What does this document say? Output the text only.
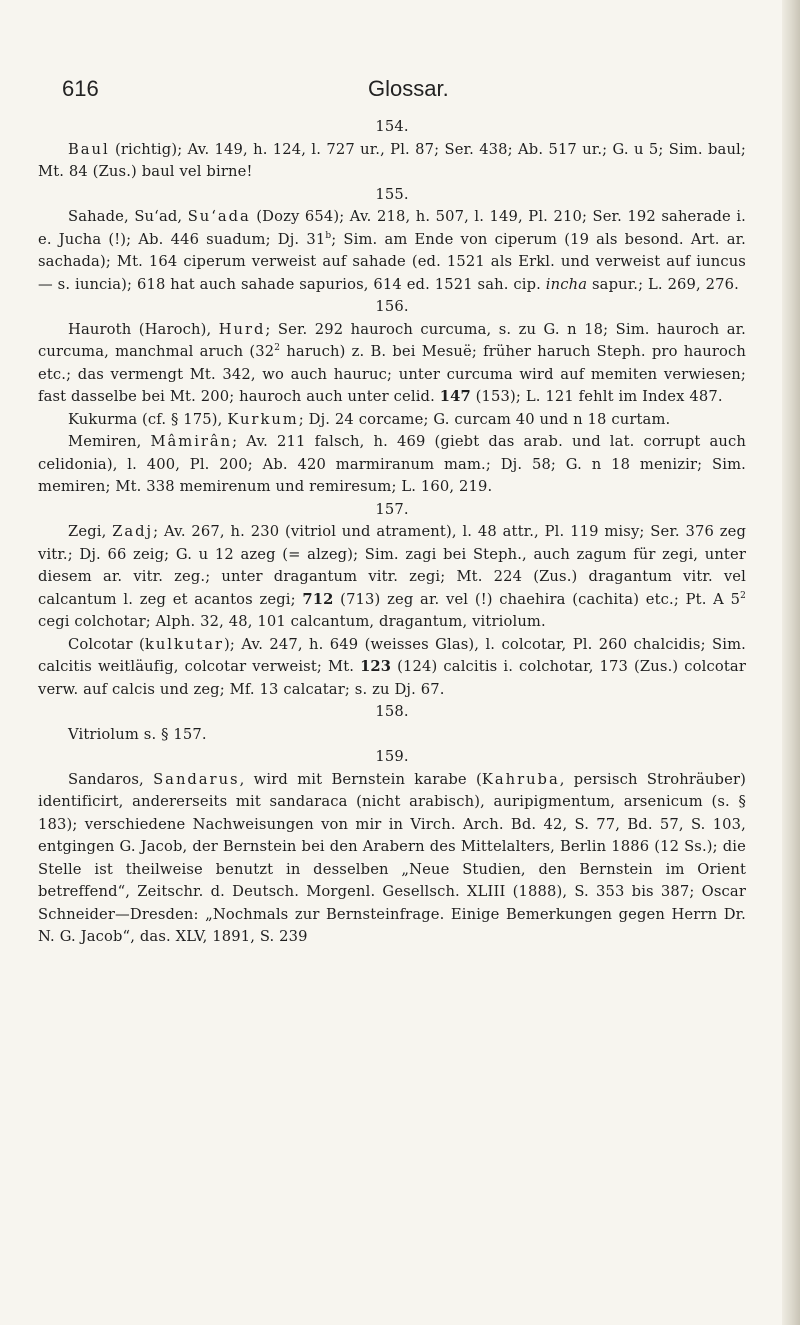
616	Glossar.

154.

Baul (richtig); Av. 149, h. 124, l. 727 ur., Pl. 87; Ser. 438; Ab. 517 ur.; G. u 5; Sim. baul; Mt. 84 (Zus.) baul vel birne!

155.

Sahade, Su‘ad, Su‘ada (Dozy 654); Av. 218, h. 507, l. 149, Pl. 210; Ser. 192 saherade i. e. Jucha (!); Ab. 446 suadum; Dj. 31$^b$; Sim. am Ende von ciperum (19 als besond. Art. ar. sachada); Mt. 164 ciperum verweist auf sahade (ed. 1521 als Erkl. und verweist auf iuncus — s. iuncia); 618 hat auch sahade sapurios, 614 ed. 1521 sah. cip. incha sapur.; L. 269, 276.

156.

Hauroth (Haroch), Hurd; Ser. 292 hauroch curcuma, s. zu G. n 18; Sim. hauroch ar. curcuma, manchmal aruch ($32^2$ haruch) z. B. bei Mesuë; früher haruch Steph. pro hauroch etc.; das vermengt Mt. 342, wo auch hauruc; unter curcuma wird auf memiten verwiesen; fast dasselbe bei Mt. 200; hauroch auch unter celid. 147 (153); L. 121 fehlt im Index 487.

Kukurma (cf. § 175), Kurkum; Dj. 24 corcame; G. curcam 40 und n 18 curtam.

Memiren, Mâmirân; Av. 211 falsch, h. 469 (giebt das arab. und lat. corrupt auch celidonia), l. 400, Pl. 200; Ab. 420 marmiranum mam.; Dj. 58; G. n 18 menizir; Sim. memiren; Mt. 338 memirenum und remiresum; L. 160, 219.

157.

Zegi, Zadj; Av. 267, h. 230 (vitriol und atrament), l. 48 attr., Pl. 119 misy; Ser. 376 zeg vitr.; Dj. 66 zeig; G. u 12 azeg (= alzeg); Sim. zagi bei Steph., auch zagum für zegi, unter diesem ar. vitr. zeg.; unter dragantum vitr. zegi; Mt. 224 (Zus.) dragantum vitr. vel calcantum l. zeg et acantos zegi; 712 (713) zeg ar. vel (!) chaehira (cachita) etc.; Pt. A $5^2$ cegi colchotar; Alph. 32, 48, 101 calcantum, dragantum, vitriolum.

Colcotar (kulkutar); Av. 247, h. 649 (weisses Glas), l. colcotar, Pl. 260 chalcidis; Sim. calcitis weitläufig, colcotar verweist; Mt. 123 (124) calcitis i. colchotar, 173 (Zus.) colcotar verw. auf calcis und zeg; Mf. 13 calcatar; s. zu Dj. 67.

158.

Vitriolum s. § 157.

159.

Sandaros, Sandarus, wird mit Bernstein karabe (Kahruba, persisch Strohräuber) identificirt, andererseits mit sandaraca (nicht arabisch), auripigmentum, arsenicum (s. § 183); verschiedene Nachweisungen von mir in Virch. Arch. Bd. 42, S. 77, Bd. 57, S. 103, entgingen G. Jacob, der Bernstein bei den Arabern des Mittelalters, Berlin 1886 (12 Ss.); die Stelle ist theilweise benutzt in desselben „Neue Studien, den Bernstein im Orient betreffend“, Zeitschr. d. Deutsch. Morgenl. Gesellsch. XLIII (1888), S. 353 bis 387; Oscar Schneider—Dresden: „Nochmals zur Bernsteinfrage. Einige Bemerkungen gegen Herrn Dr. N. G. Jacob“, das. XLV, 1891, S. 239
